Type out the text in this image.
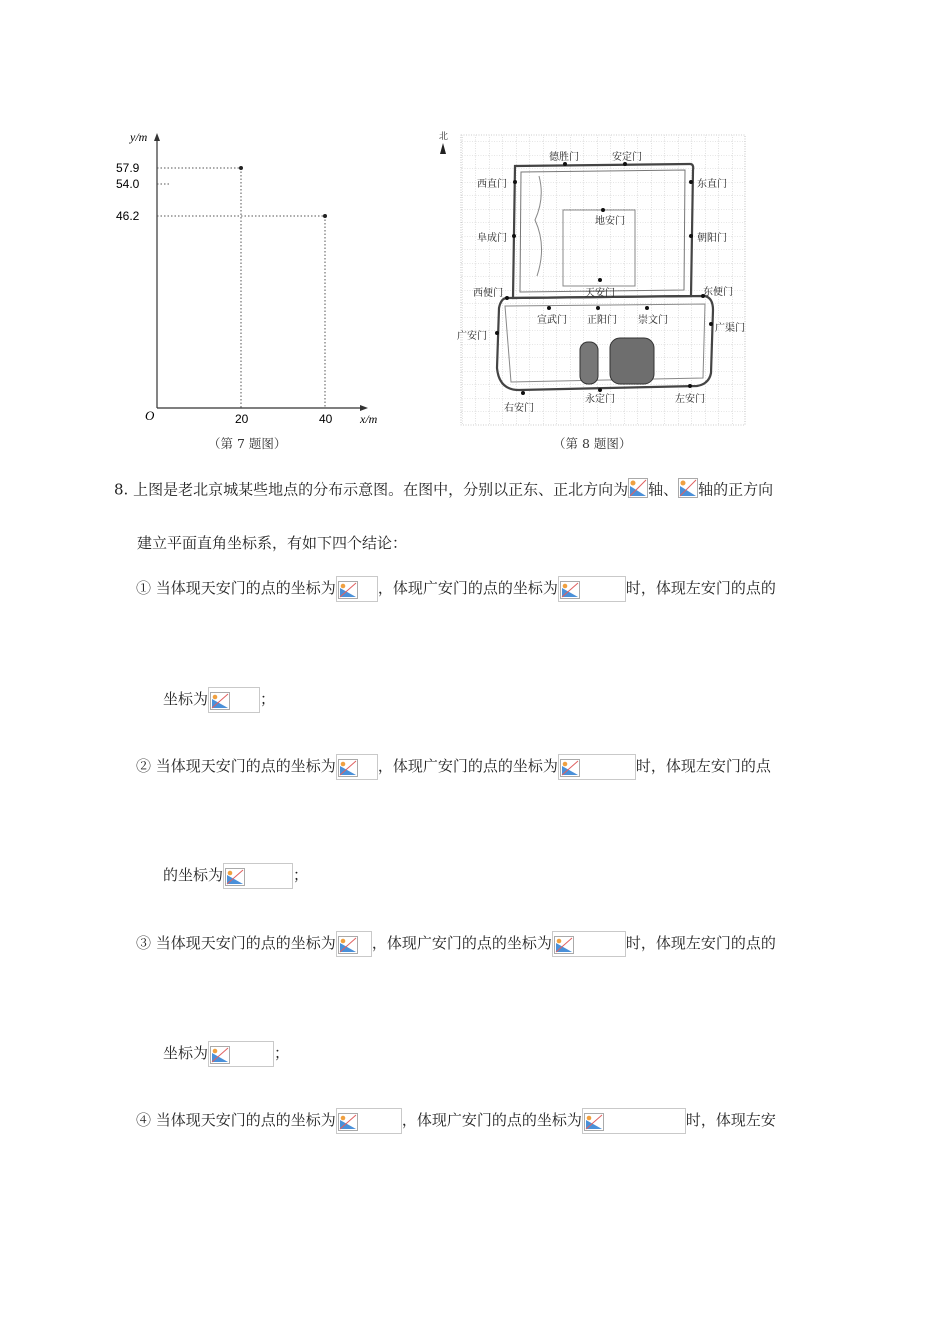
y/m
57.9
54.0
46.2
O	20	40 x/m
（第 7 题图）
北
德胜门	安定门
西直门	东直门
地安门
阜成门	朝阳门
西便门	天安门	东便门
宣武门 正阳门 崇文门
广安门
广渠门
永定门
右安门
左安门
（第 8 题图）
8. 上图是老北京城某些地点的分布示意图。在图中，分别以正东、正北方向为 轴、 轴的正方向
建立平面直角坐标系，有如下四个结论：
① 当体现天安门的点的坐标为	，体现广安门的点的坐标为	时，体现左安门的点的
坐标为	；
② 当体现天安门的点的坐标为	，体现广安门的点的坐标为	时，体现左安门的点
的坐标为	；
③ 当体现天安门的点的坐标为 ，体现广安门的点的坐标为	时，体现左安门的点的
坐标为	；
④ 当体现天安门的点的坐标为	，体现广安门的点的坐标为	时，体现左安
